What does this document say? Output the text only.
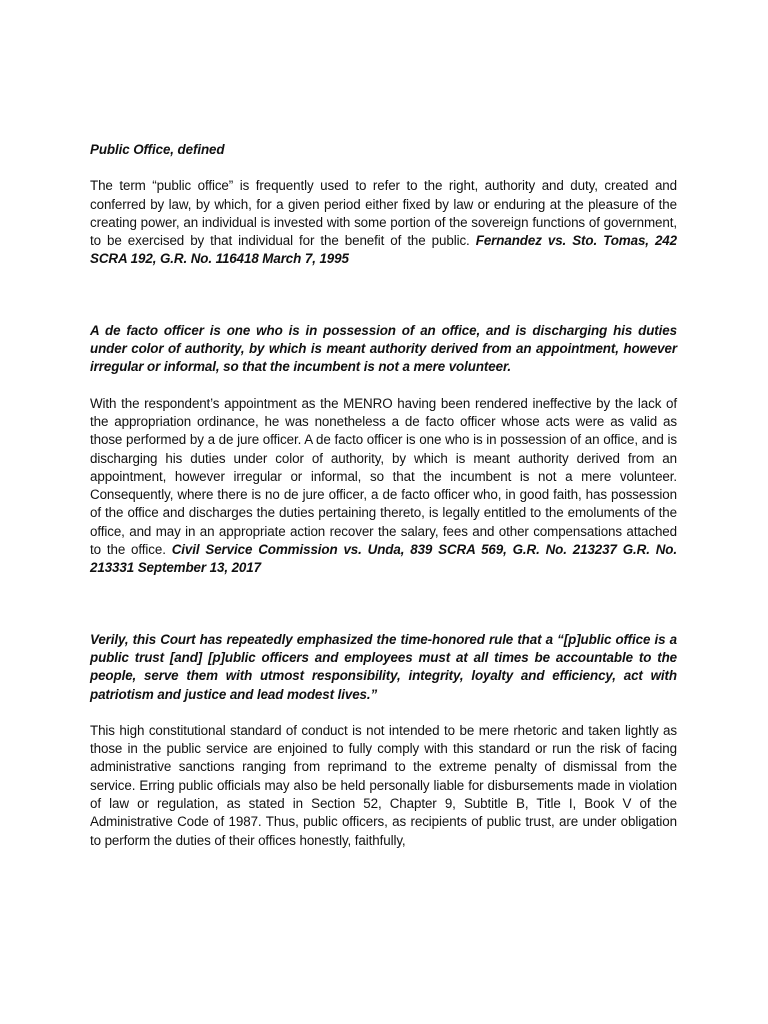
Public Office, defined

The term “public office” is frequently used to refer to the right, authority and duty, created and conferred by law, by which, for a given period either fixed by law or enduring at the pleasure of the creating power, an individual is invested with some portion of the sovereign functions of government, to be exercised by that individual for the benefit of the public. Fernandez vs. Sto. Tomas, 242 SCRA 192, G.R. No. 116418 March 7, 1995

A de facto officer is one who is in possession of an office, and is discharging his duties under color of authority, by which is meant authority derived from an appointment, however irregular or informal, so that the incumbent is not a mere volunteer.

With the respondent’s appointment as the MENRO having been rendered ineffective by the lack of the appropriation ordinance, he was nonetheless a de facto officer whose acts were as valid as those performed by a de jure officer. A de facto officer is one who is in possession of an office, and is discharging his duties under color of authority, by which is meant authority derived from an appointment, however irregular or informal, so that the incumbent is not a mere volunteer. Consequently, where there is no de jure officer, a de facto officer who, in good faith, has possession of the office and discharges the duties pertaining thereto, is legally entitled to the emoluments of the office, and may in an appropriate action recover the salary, fees and other compensations attached to the office. Civil Service Commission vs. Unda, 839 SCRA 569, G.R. No. 213237 G.R. No. 213331 September 13, 2017

Verily, this Court has repeatedly emphasized the time-honored rule that a “[p]ublic office is a public trust [and] [p]ublic officers and employees must at all times be accountable to the people, serve them with utmost responsibility, integrity, loyalty and efficiency, act with patriotism and justice and lead modest lives.”

This high constitutional standard of conduct is not intended to be mere rhetoric and taken lightly as those in the public service are enjoined to fully comply with this standard or run the risk of facing administrative sanctions ranging from reprimand to the extreme penalty of dismissal from the service. Erring public officials may also be held personally liable for disbursements made in violation of law or regulation, as stated in Section 52, Chapter 9, Subtitle B, Title I, Book V of the Administrative Code of 1987. Thus, public officers, as recipients of public trust, are under obligation to perform the duties of their offices honestly, faithfully,
